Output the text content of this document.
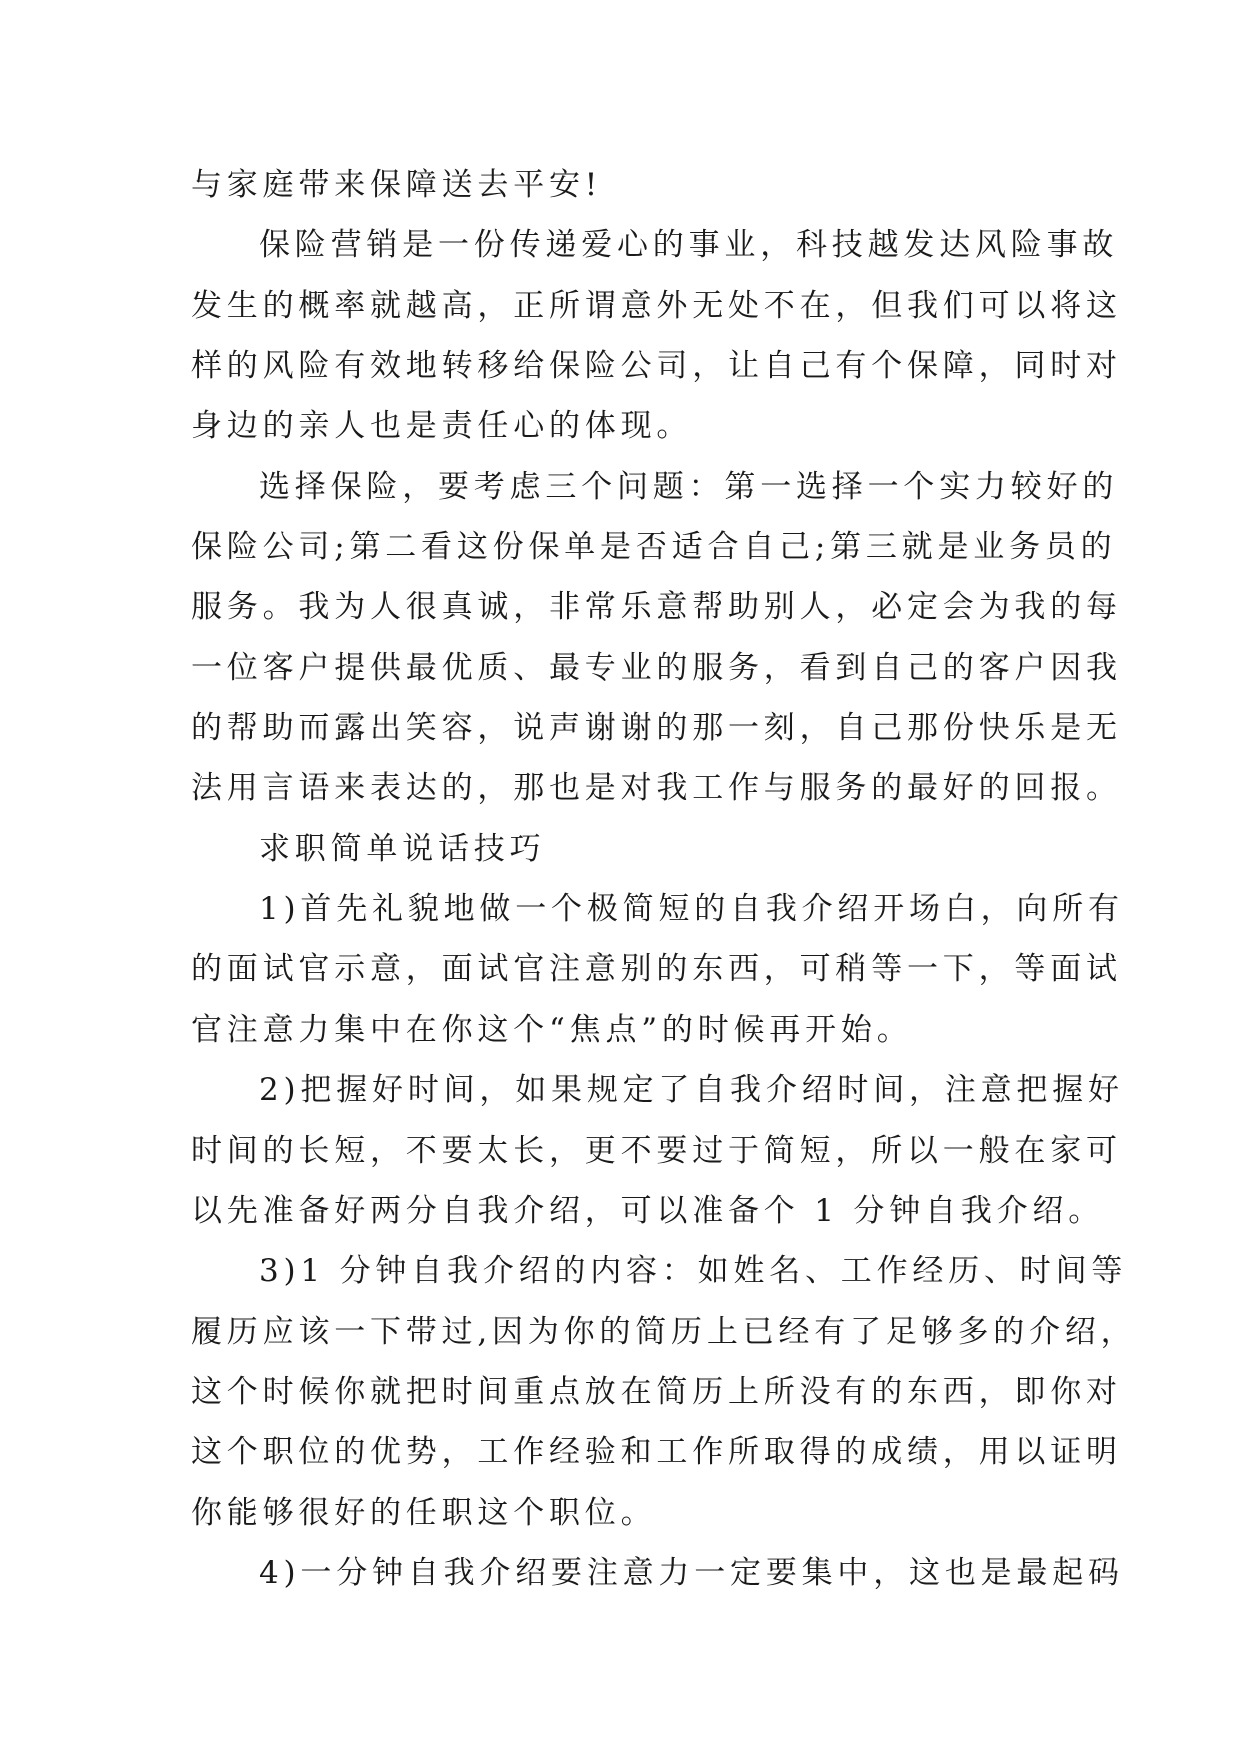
与家庭带来保障送去平安!
保险营销是一份传递爱心的事业，科技越发达风险事故
发生的概率就越高，正所谓意外无处不在，但我们可以将这
样的风险有效地转移给保险公司，让自己有个保障，同时对
身边的亲人也是责任心的体现。
选择保险，要考虑三个问题：第一选择一个实力较好的
保险公司;第二看这份保单是否适合自己;第三就是业务员的
服务。我为人很真诚，非常乐意帮助别人，必定会为我的每
一位客户提供最优质、最专业的服务，看到自己的客户因我
的帮助而露出笑容，说声谢谢的那一刻，自己那份快乐是无
法用言语来表达的，那也是对我工作与服务的最好的回报。
求职简单说话技巧
1)首先礼貌地做一个极简短的自我介绍开场白，向所有
的面试官示意，面试官注意别的东西，可稍等一下，等面试
官注意力集中在你这个“焦点”的时候再开始。
2)把握好时间，如果规定了自我介绍时间，注意把握好
时间的长短，不要太长，更不要过于简短，所以一般在家可
以先准备好两分自我介绍，可以准备个 1 分钟自我介绍。
3)1 分钟自我介绍的内容：如姓名、工作经历、时间等
履历应该一下带过,因为你的简历上已经有了足够多的介绍，
这个时候你就把时间重点放在简历上所没有的东西，即你对
这个职位的优势，工作经验和工作所取得的成绩，用以证明
你能够很好的任职这个职位。
4)一分钟自我介绍要注意力一定要集中，这也是最起码
